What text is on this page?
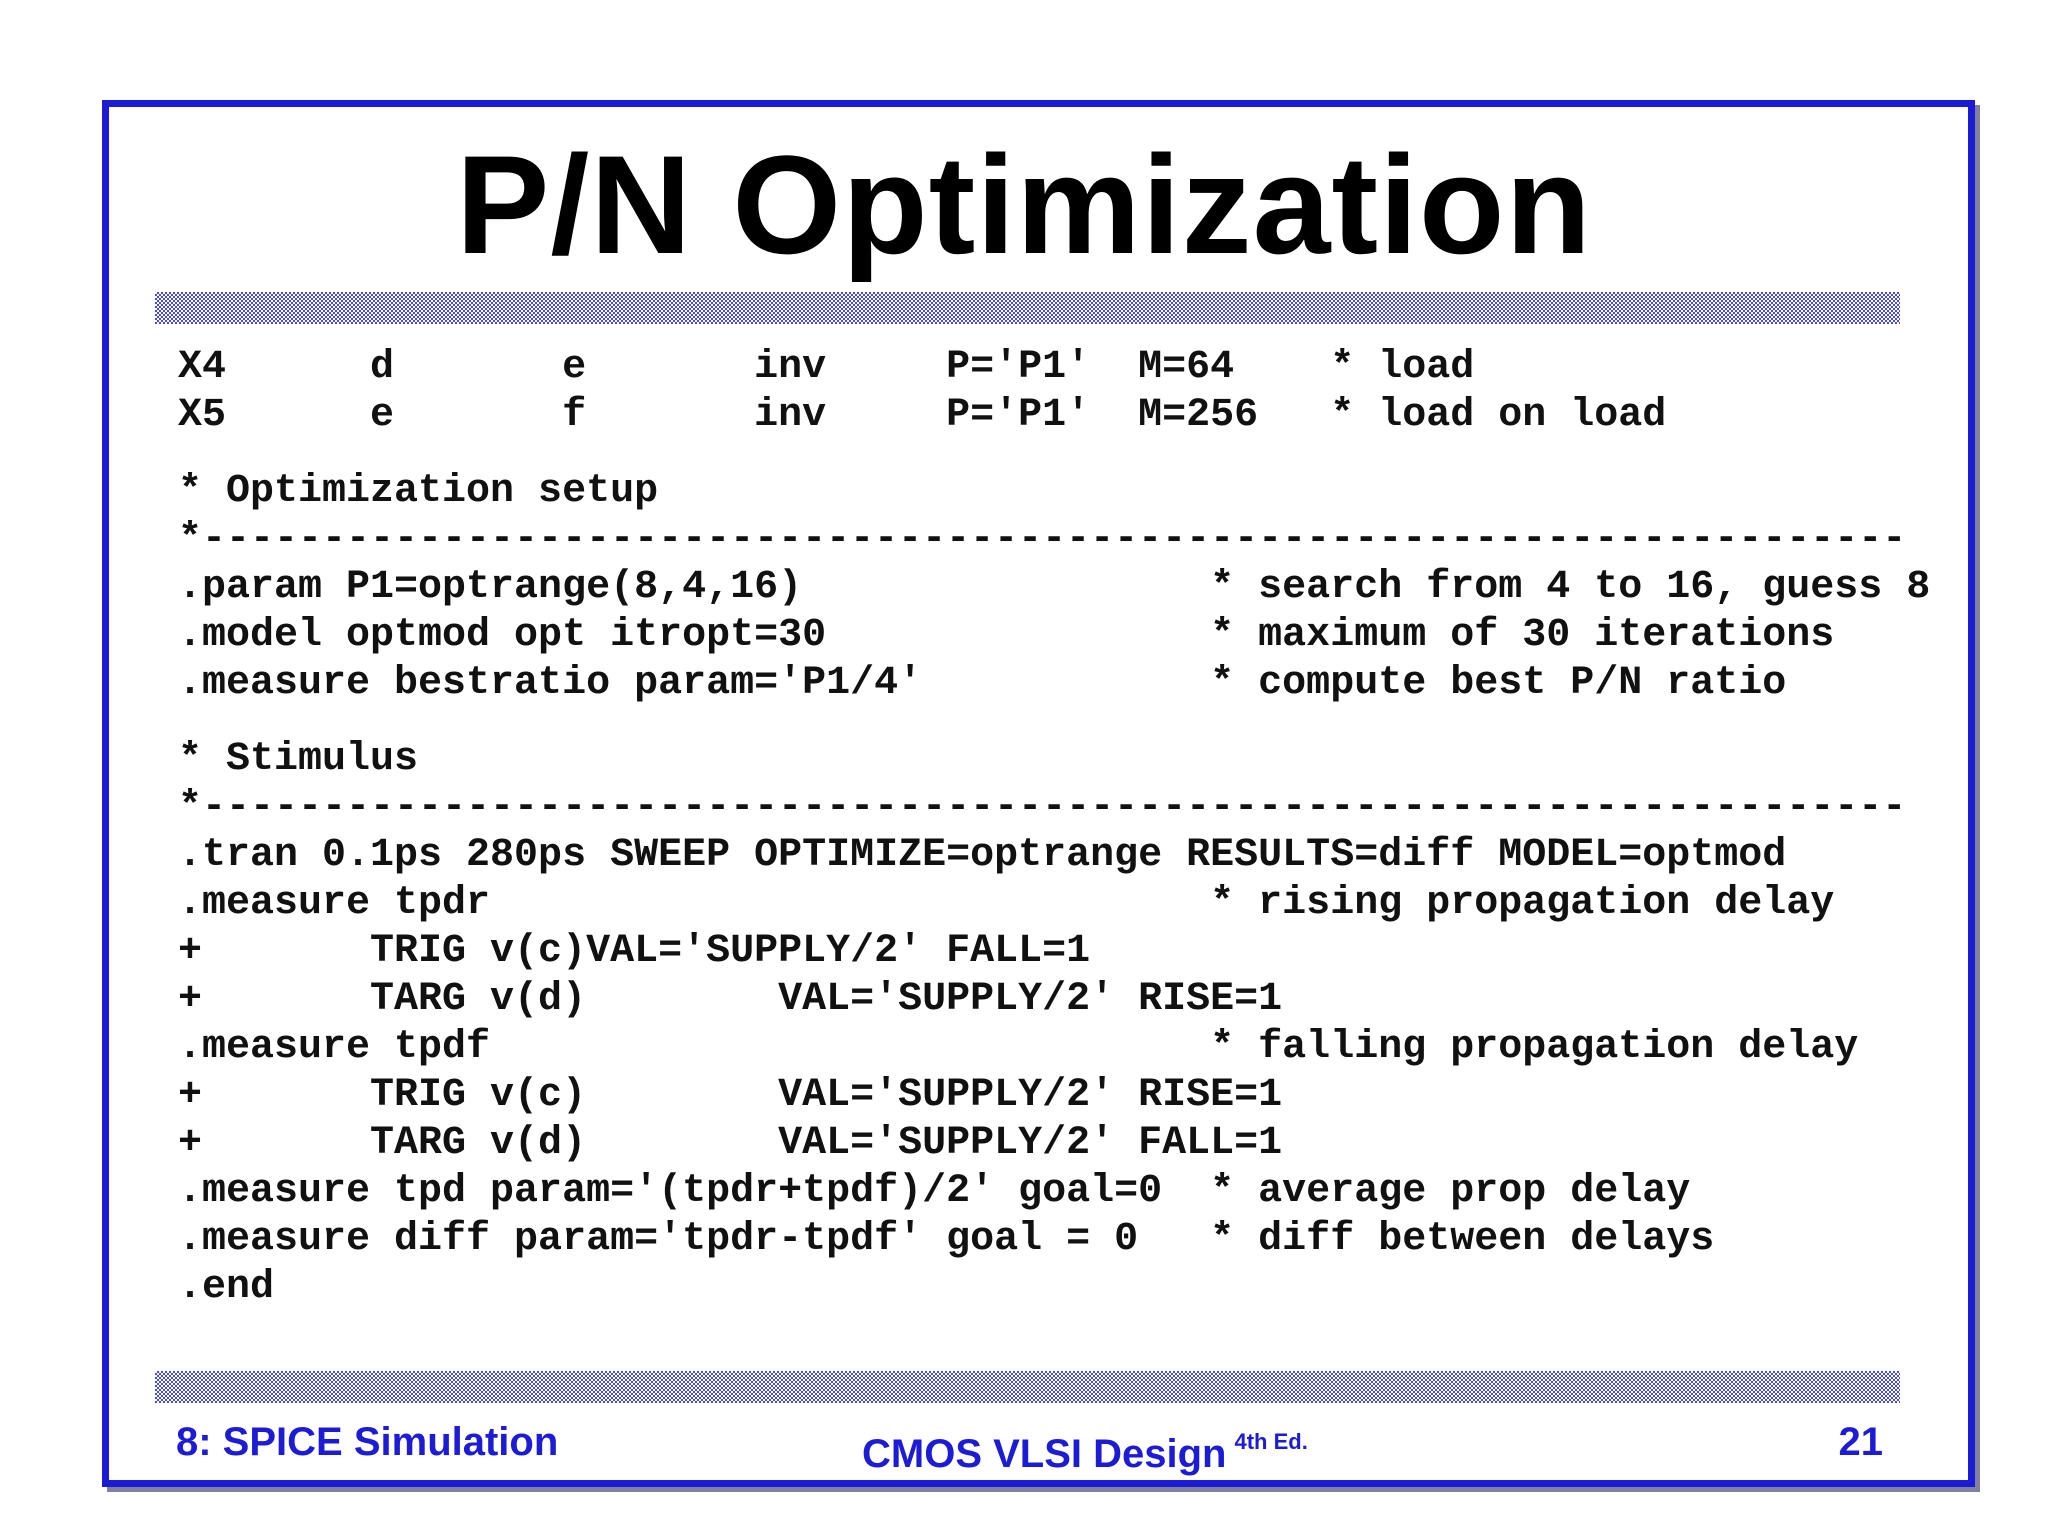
P/N Optimization

X4      d       e       inv     P='P1'  M=64    * load

X5      e       f       inv     P='P1'  M=256   * load on load

* Optimization setup

*-----------------------------------------------------------------------

.param P1=optrange(8,4,16)                 * search from 4 to 16, guess 8

.model optmod opt itropt=30                * maximum of 30 iterations

.measure bestratio param='P1/4'            * compute best P/N ratio

* Stimulus

*-----------------------------------------------------------------------

.tran 0.1ps 280ps SWEEP OPTIMIZE=optrange RESULTS=diff MODEL=optmod

.measure tpdr                              * rising propagation delay

+       TRIG v(c)VAL='SUPPLY/2' FALL=1

+       TARG v(d)        VAL='SUPPLY/2' RISE=1

.measure tpdf                              * falling propagation delay

+       TRIG v(c)        VAL='SUPPLY/2' RISE=1

+       TARG v(d)        VAL='SUPPLY/2' FALL=1

.measure tpd param='(tpdr+tpdf)/2' goal=0  * average prop delay

.measure diff param='tpdr-tpdf' goal = 0   * diff between delays

.end

8: SPICE Simulation	CMOS VLSI Design $^{4th Ed.}$	21
